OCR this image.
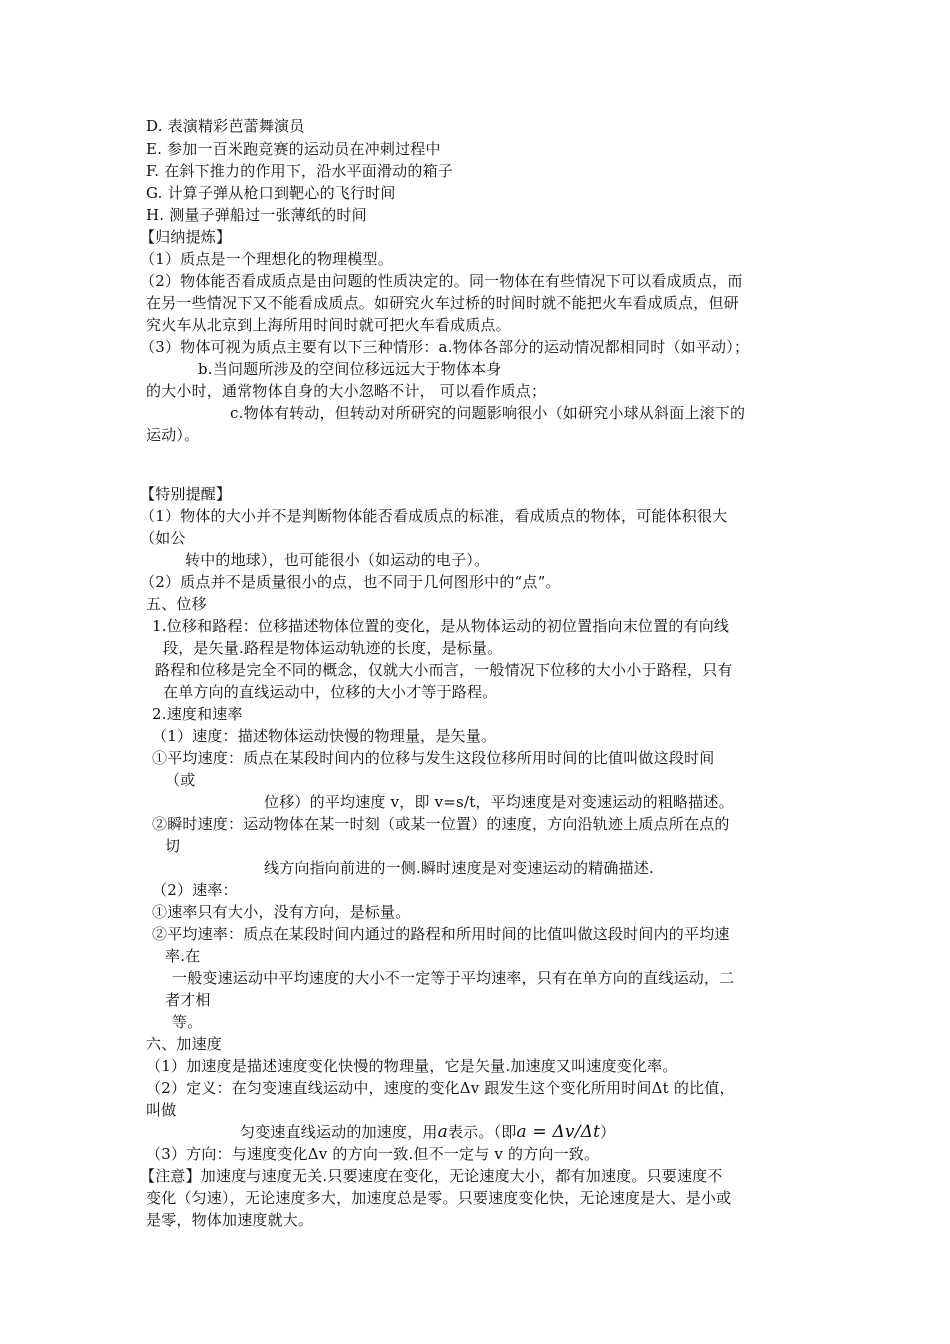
D. 表演精彩芭蕾舞演员
E. 参加一百米跑竞赛的运动员在冲刺过程中
F. 在斜下推力的作用下，沿水平面滑动的箱子
G. 计算子弹从枪口到靶心的飞行时间
H. 测量子弹船过一张薄纸的时间
【归纳提炼】
（1）质点是一个理想化的物理模型。
（2）物体能否看成质点是由问题的性质决定的。同一物体在有些情况下可以看成质点，而
在另一些情况下又不能看成质点。如研究火车过桥的时间时就不能把火车看成质点，但研
究火车从北京到上海所用时间时就可把火车看成质点。
（3）物体可视为质点主要有以下三种情形：a.物体各部分的运动情况都相同时（如平动）；
b.当问题所涉及的空间位移远远大于物体本身
的大小时，通常物体自身的大小忽略不计， 可以看作质点；
c.物体有转动，但转动对所研究的问题影响很小（如研究小球从斜面上滚下的
运动）。
【特别提醒】
（1）物体的大小并不是判断物体能否看成质点的标准，看成质点的物体，可能体积很大
（如公
转中的地球），也可能很小（如运动的电子）。
（2）质点并不是质量很小的点，也不同于几何图形中的“点”。
五、位移
1.位移和路程：位移描述物体位置的变化，是从物体运动的初位置指向末位置的有向线
段，是矢量.路程是物体运动轨迹的长度，是标量。
路程和位移是完全不同的概念，仅就大小而言，一般情况下位移的大小小于路程，只有
在单方向的直线运动中，位移的大小才等于路程。
2.速度和速率
（1）速度：描述物体运动快慢的物理量，是矢量。
①平均速度：质点在某段时间内的位移与发生这段位移所用时间的比值叫做这段时间
（或
位移）的平均速度 v，即 v=s/t，平均速度是对变速运动的粗略描述。
②瞬时速度：运动物体在某一时刻（或某一位置）的速度，方向沿轨迹上质点所在点的
切
线方向指向前进的一侧.瞬时速度是对变速运动的精确描述.
（2）速率：
①速率只有大小，没有方向，是标量。
②平均速率：质点在某段时间内通过的路程和所用时间的比值叫做这段时间内的平均速
率.在
一般变速运动中平均速度的大小不一定等于平均速率，只有在单方向的直线运动，二
者才相
等。
六、加速度
（1）加速度是描述速度变化快慢的物理量，它是矢量.加速度又叫速度变化率。
（2）定义：在匀变速直线运动中，速度的变化Δv 跟发生这个变化所用时间Δt 的比值，
叫做
匀变速直线运动的加速度，用a表示。（即a = Δv/Δt）
（3）方向：与速度变化Δv 的方向一致.但不一定与 v 的方向一致。
【注意】加速度与速度无关.只要速度在变化，无论速度大小，都有加速度。只要速度不
变化（匀速），无论速度多大，加速度总是零。只要速度变化快，无论速度是大、是小或
是零，物体加速度就大。
